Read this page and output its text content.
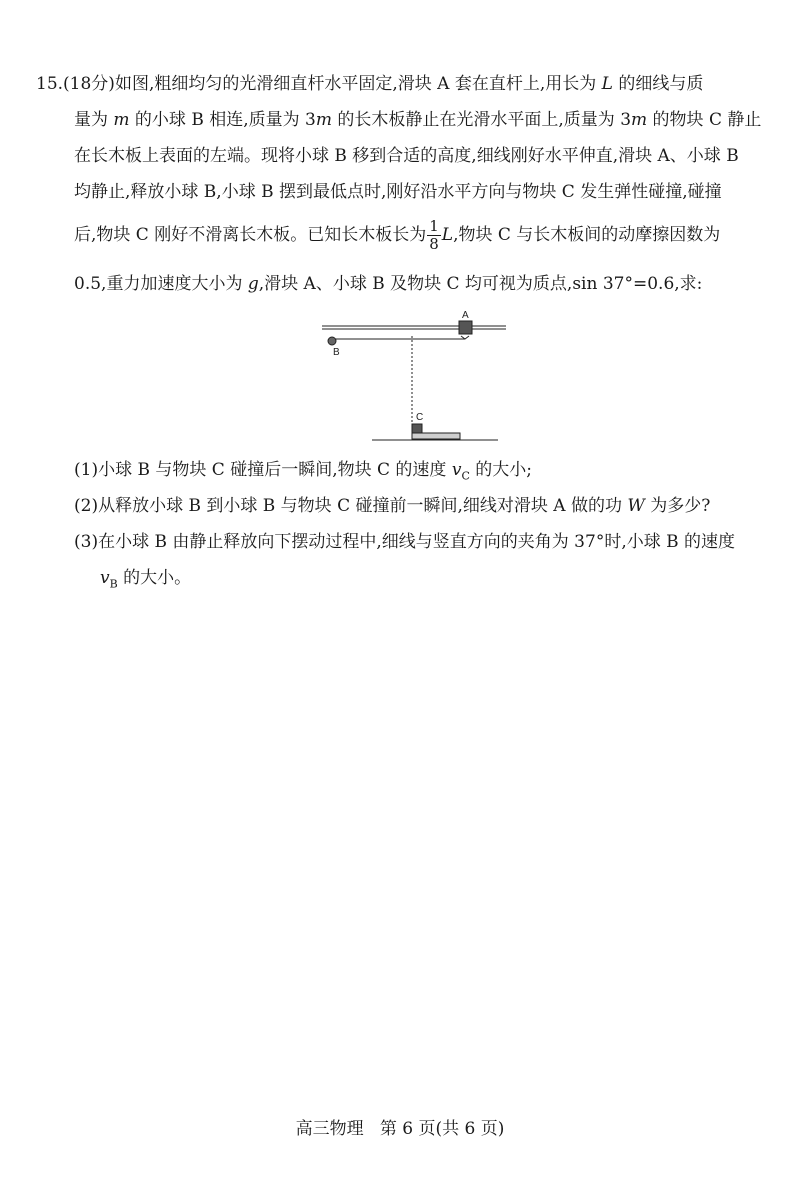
15.(18分)如图,粗细均匀的光滑细直杆水平固定,滑块 A 套在直杆上,用长为 L 的细线与质
量为 m 的小球 B 相连,质量为 3m 的长木板静止在光滑水平面上,质量为 3m 的物块 C 静止
在长木板上表面的左端。现将小球 B 移到合适的高度,细线刚好水平伸直,滑块 A、小球 B
均静止,释放小球 B,小球 B 摆到最低点时,刚好沿水平方向与物块 C 发生弹性碰撞,碰撞
后,物块 C 刚好不滑离长木板。已知长木板长为 $\frac{1}{8} L$,物块 C 与长木板间的动摩擦因数为
0.5,重力加速度大小为 g,滑块 A、小球 B 及物块 C 均可视为质点,sin 37°=0.6,求:
A
B
C
(1)小球 B 与物块 C 碰撞后一瞬间,物块 C 的速度 $v_C$ 的大小;
(2)从释放小球 B 到小球 B 与物块 C 碰撞前一瞬间,细线对滑块 A 做的功 W 为多少?
(3)在小球 B 由静止释放向下摆动过程中,细线与竖直方向的夹角为 37°时,小球 B 的速度
$v_B$ 的大小。
高三物理 第 6 页(共 6 页)
